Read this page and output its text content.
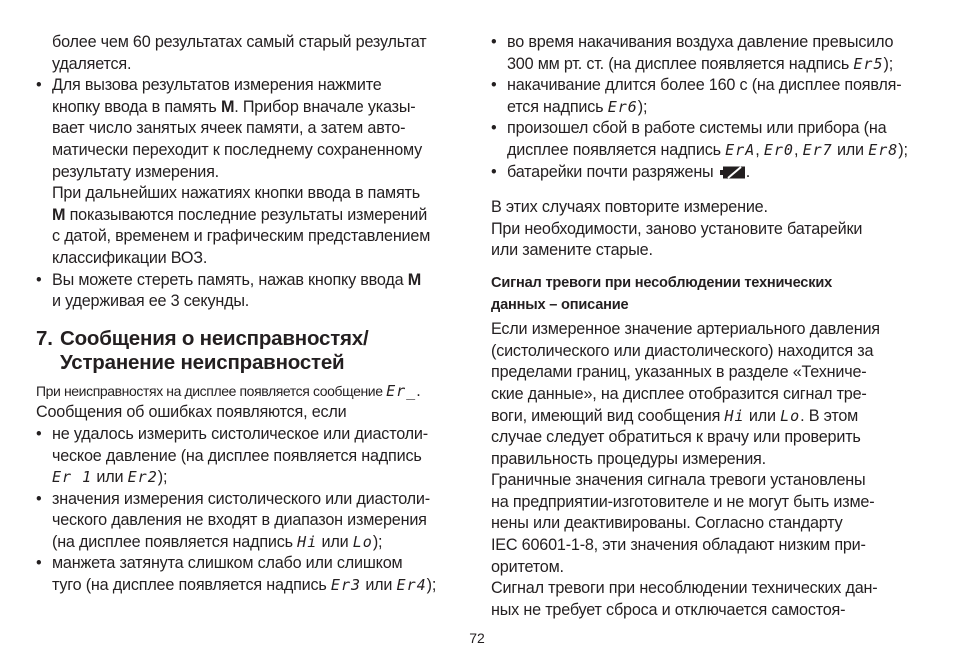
более чем 60 результатах самый старый результат

удаляется.

• Для вызова результатов измерения нажмите

кнопку ввода в память M. Прибор вначале указы-

вает число занятых ячеек памяти, а затем авто-

матически переходит к последнему сохраненному

результату измерения.

При дальнейших нажатиях кнопки ввода в память

M показываются последние результаты измерений

с датой, временем и графическим представлением

классификации ВОЗ.

• Вы можете стереть память, нажав кнопку ввода M

и удерживая ее 3 секунды.

7. Сообщения о неисправностях/
Устранение неисправностей

При неисправностях на дисплее появляется сообщение Er_.

Сообщения об ошибках появляются, если

• не удалось измерить систолическое или диастоли-

ческое давление (на дисплее появляется надпись

Er 1 или Er2);

• значения измерения систолического или диастоли-

ческого давления не входят в диапазон измерения

(на дисплее появляется надпись Hi или Lo);

• манжета затянута слишком слабо или слишком

туго (на дисплее появляется надпись Er3 или Er4);

• во время накачивания воздуха давление превысило

300 мм рт. ст. (на дисплее появляется надпись Er5);

• накачивание длится более 160 с (на дисплее появля-

ется надпись Er6);

• произошел сбой в работе системы или прибора (на

дисплее появляется надпись ErA, Er0, Er7 или Er8);

• батарейки почти разряжены .

В этих случаях повторите измерение.

При необходимости, заново установите батарейки

или замените старые.

Сигнал тревоги при несоблюдении технических
данных – описание

Если измеренное значение артериального давления

(систолического или диастолического) находится за

пределами границ, указанных в разделе «Техниче-

ские данные», на дисплее отобразится сигнал тре-

воги, имеющий вид сообщения Hi или Lo. В этом

случае следует обратиться к врачу или проверить

правильность процедуры измерения.

Граничные значения сигнала тревоги установлены

на предприятии-изготовителе и не могут быть изме-

нены или деактивированы. Согласно стандарту

IEC 60601-1-8, эти значения обладают низким при-

оритетом.

Сигнал тревоги при несоблюдении технических дан-

ных не требует сброса и отключается самостоя-

72
